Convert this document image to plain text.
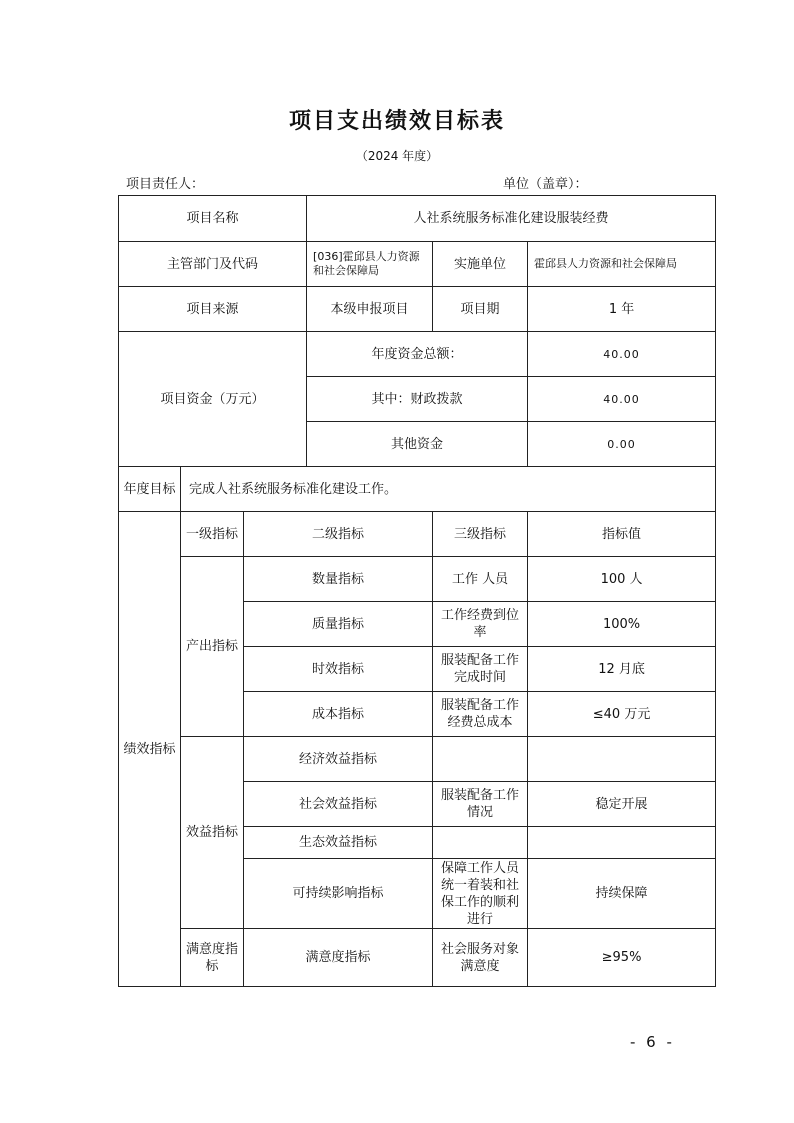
项目支出绩效目标表
（2024 年度）
项目责任人：	单位（盖章）：
项目名称			人社系统服务标准化建设服装经费		
主管部门及代码			[036]霍邱县人力资源和社会保障局	实施单位	霍邱县人力资源和社会保障局
项目来源			本级申报项目	项目期	1 年
项目资金（万元）			年度资金总额：		40.00
			其中：财政拨款		40.00
			其他资金		0.00
年度目标	完成人社系统服务标准化建设工作。				
绩效指标	一级指标	二级指标		三级指标	指标值
	产出指标	数量指标		工作 人员	100 人
		质量指标		工作经费到位率	100%
		时效指标		服装配备工作完成时间	12 月底
		成本指标		服装配备工作经费总成本	≤40 万元
	效益指标	经济效益指标			
		社会效益指标		服装配备工作情况	稳定开展
		生态效益指标			
		可持续影响指标		保障工作人员统一着装和社保工作的顺利进行	持续保障
	满意度指标	满意度指标		社会服务对象满意度	≥95%
- 6 -
